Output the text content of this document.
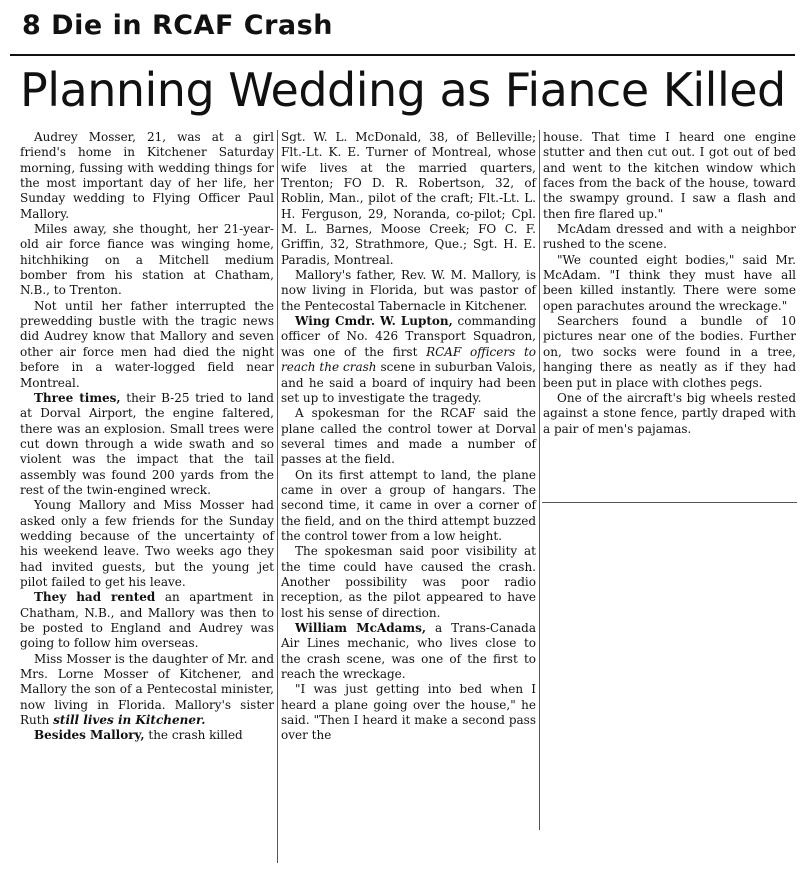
8 Die in RCAF Crash
Planning Wedding as Fiance Killed

Audrey Mosser, 21, was at a girl friend's home in Kitchener Saturday morning, fussing with wedding things for the most important day of her life, her Sunday wedding to Flying Officer Paul Mallory.

Miles away, she thought, her 21-year-old air force fiance was winging home, hitchhiking on a Mitchell medium bomber from his station at Chatham, N.B., to Trenton.

Not until her father interrupted the prewedding bustle with the tragic news did Audrey know that Mallory and seven other air force men had died the night before in a water-logged field near Montreal.

Three times, their B-25 tried to land at Dorval Airport, the engine faltered, there was an explosion. Small trees were cut down through a wide swath and so violent was the impact that the tail assembly was found 200 yards from the rest of the twin-engined wreck.

Young Mallory and Miss Mosser had asked only a few friends for the Sunday wedding because of the uncertainty of his weekend leave. Two weeks ago they had invited guests, but the young jet pilot failed to get his leave.

They had rented an apartment in Chatham, N.B., and Mallory was then to be posted to England and Audrey was going to follow him overseas.

Miss Mosser is the daughter of Mr. and Mrs. Lorne Mosser of Kitchener, and Mallory the son of a Pentecostal minister, now living in Florida. Mallory's sister Ruth still lives in Kitchener.

Besides Mallory, the crash killed

Sgt. W. L. McDonald, 38, of Belleville; Flt.-Lt. K. E. Turner of Montreal, whose wife lives at the married quarters, Trenton; FO D. R. Robertson, 32, of Roblin, Man., pilot of the craft; Flt.-Lt. L. H. Ferguson, 29, Noranda, co-pilot; Cpl. M. L. Barnes, Moose Creek; FO C. F. Griffin, 32, Strathmore, Que.; Sgt. H. E. Paradis, Montreal.

Mallory's father, Rev. W. M. Mallory, is now living in Florida, but was pastor of the Pentecostal Tabernacle in Kitchener.

Wing Cmdr. W. Lupton, commanding officer of No. 426 Transport Squadron, was one of the first RCAF officers to reach the crash scene in suburban Valois, and he said a board of inquiry had been set up to investigate the tragedy.

A spokesman for the RCAF said the plane called the control tower at Dorval several times and made a number of passes at the field.

On its first attempt to land, the plane came in over a group of hangars. The second time, it came in over a corner of the field, and on the third attempt buzzed the control tower from a low height.

The spokesman said poor visibility at the time could have caused the crash. Another possibility was poor radio reception, as the pilot appeared to have lost his sense of direction.

William McAdams, a Trans-Canada Air Lines mechanic, who lives close to the crash scene, was one of the first to reach the wreckage.

"I was just getting into bed when I heard a plane going over the house," he said. "Then I heard it make a second pass over the

house. That time I heard one engine stutter and then cut out. I got out of bed and went to the kitchen window which faces from the back of the house, toward the swampy ground. I saw a flash and then fire flared up."

McAdam dressed and with a neighbor rushed to the scene.

"We counted eight bodies," said Mr. McAdam. "I think they must have all been killed instantly. There were some open parachutes around the wreckage."

Searchers found a bundle of 10 pictures near one of the bodies. Further on, two socks were found in a tree, hanging there as neatly as if they had been put in place with clothes pegs.

One of the aircraft's big wheels rested against a stone fence, partly draped with a pair of men's pajamas.
